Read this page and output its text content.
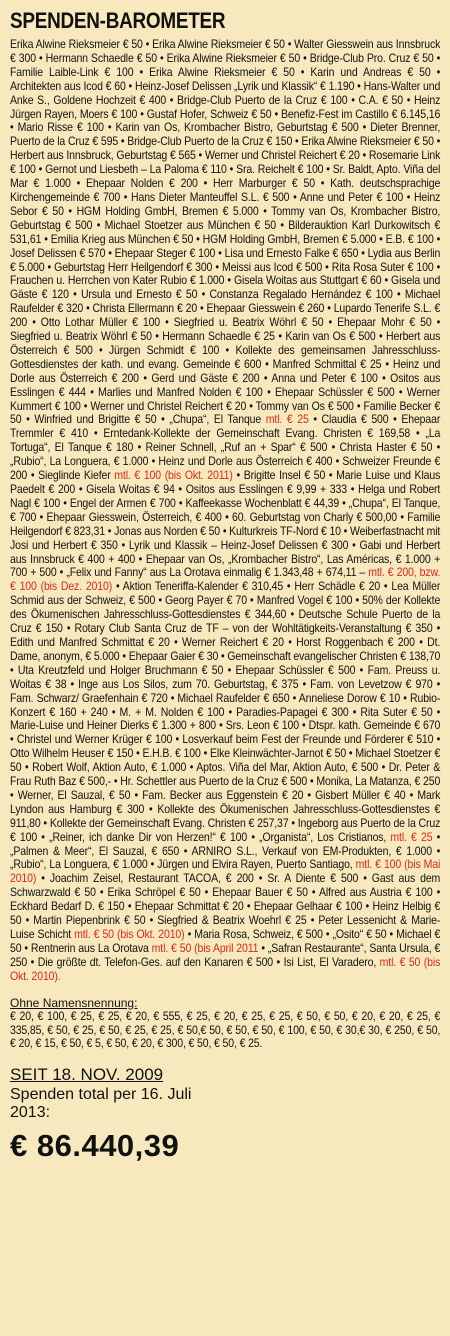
SPENDEN-BAROMETER
Erika Alwine Rieksmeier € 50 • Erika Alwine Rieksmeier € 50 • Walter Giesswein aus Innsbruck € 300 • Hermann Schaedle € 50 • Erika Alwine Rieksmeier € 50 • Bridge-Club Pro. Cruz € 50 • Familie Laible-Link € 100 • Erika Alwine Rieksmeier € 50 • Karin und Andreas € 50 • Architekten aus Icod € 60 • Heinz-Josef Delissen „Lyrik und Klassik“ € 1.190 • Hans-Walter und Anke S., Goldene Hochzeit € 400 • Bridge-Club Puerto de la Cruz € 100 • C.A. € 50 • Heinz Jürgen Rayen, Moers € 100 • Gustaf Hofer, Schweiz € 50 • Benefiz-Fest im Castillo € 6.145,16 • Mario Risse € 100 • Karin van Os, Krombacher Bistro, Geburtstag € 500 • Dieter Brenner, Puerto de la Cruz € 595 • Bridge-Club Puerto de la Cruz € 150 • Erika Alwine Rieksmeier € 50 • Herbert aus Innsbruck, Geburtstag € 565 • Werner und Christel Reichert € 20 • Rosemarie Link € 100 • Gernot und Liesbeth – La Paloma € 110 • Sra. Reichelt € 100 • Sr. Baldt, Apto. Viña del Mar € 1.000 • Ehepaar Nolden € 200 • Herr Marburger € 50 • Kath. deutschsprachige Kirchengemeinde € 700 • Hans Dieter Manteuffel S.L. € 500 • Anne und Peter € 100 • Heinz Sebor € 50 • HGM Holding GmbH, Bremen € 5.000 • Tommy van Os, Krombacher Bistro, Geburtstag € 500 • Michael Stoetzer aus München € 50 • Bilderauktion Karl Durkowitsch € 531,61 • Emilia Krieg aus München € 50 • HGM Holding GmbH, Bremen € 5.000 • E.B. € 100 • Josef Delissen € 570 • Ehepaar Steger € 100 • Lisa und Ernesto Falke € 650 • Lydia aus Berlin € 5.000 • Geburtstag Herr Heilgendorf € 300 • Meissi aus Icod € 500 • Rita Rosa Suter € 100 • Frauchen u. Herrchen von Kater Rubio € 1.000 • Gisela Woitas aus Stuttgart € 60 • Gisela und Gäste € 120 • Ursula und Ernesto € 50 • Constanza Regalado Hernández € 100 • Michael Raufelder € 320 • Christa Ellermann € 20 • Ehepaar Giesswein € 260 • Lupardo Tenerife S.L. € 200 • Otto Lothar Müller € 100 • Siegfried u. Beatrix Wöhrl € 50 • Ehepaar Mohr € 50 • Siegfried u. Beatrix Wöhrl € 50 • Hermann Schaedle € 25 • Karin van Os € 500 • Herbert aus Österreich € 500 • Jürgen Schmidt € 100 • Kollekte des gemeinsamen Jahresschluss-Gottesdienstes der kath. und evang. Gemeinde € 600 • Manfred Schmittal € 25 • Heinz und Dorle aus Österreich € 200 • Gerd und Gäste € 200 • Anna und Peter € 100 • Ositos aus Esslingen € 444 • Marlies und Manfred Nolden € 100 • Ehepaar Schüssler € 500 • Werner Kummert € 100 • Werner und Christel Reichert € 20 • Tommy van Os € 500 • Familie Becker € 50 • Winfried und Brigitte € 50 • „Chupa“, El Tanque mtl. € 25 • Claudia € 500 • Ehepaar Tremmler € 410 • Erntedank-Kollekte der Gemeinschaft Evang. Christen € 169,58 • „La Tortuga“, El Tanque € 180 • Reiner Schnell, „Ruf an + Spar“ € 500 • Christa Haster € 50 • „Rubio“, La Longuera, € 1.000 • Heinz und Dorle aus Österreich € 400 • Schweizer Freunde € 200 • Sieglinde Kiefer mtl. € 100 (bis Okt. 2011) • Brigitte Insel € 50 • Marie Luise und Klaus Paedelt € 200 • Gisela Woitas € 94 • Ositos aus Esslingen € 9,99 + 333 • Helga und Robert Nagl € 100 • Engel der Armen € 700 • Kaffeekasse Wochenblatt € 44,39 • „Chupa“, El Tanque, € 700 • Ehepaar Giesswein, Österreich, € 400 • 60. Geburtstag von Charly € 500,00 • Familie Heilgendorf € 823,31 • Jonas aus Norden € 50 • Kulturkreis TF-Nord € 10 • Weiberfastnacht mit Josi und Herbert € 350 • Lyrik und Klassik – Heinz-Josef Delissen € 300 • Gabi und Herbert aus Innsbruck € 400 + 400 • Ehepaar van Os, „Krombacher Bistro“, Las Américas, € 1.000 + 700 + 500 • „Felix und Fanny“ aus La Orotava einmalig € 1.343,48 + 674,11 – mtl. € 200, bzw. € 100 (bis Dez. 2010) • Aktion Teneriffa-Kalender € 310,45 • Herr Schädle € 20 • Lea Müller Schmid aus der Schweiz, € 500 • Georg Payer € 70 • Manfred Vogel € 100 • 50% der Kollekte des Ökumenischen Jahresschluss-Gottesdienstes € 344,60 • Deutsche Schule Puerto de la Cruz € 150 • Rotary Club Santa Cruz de TF – von der Wohltätigkeits-Veranstaltung € 350 • Edith und Manfred Schmittat € 20 • Werner Reichert € 20 • Horst Roggenbach € 200 • Dt. Dame, anonym, € 5.000 • Ehepaar Gaier € 30 • Gemeinschaft evangelischer Christen € 138,70 • Uta Kreutzfeld und Holger Bruchmann € 50 • Ehepaar Schüssler € 500 • Fam. Preuss u. Woitas € 38 • Inge aus Los Silos, zum 70. Geburtstag, € 375 • Fam. von Levetzow € 970 • Fam. Schwarz/ Graefenhain € 720 • Michael Raufelder € 650 • Anneliese Dorow € 10 • Rubio-Konzert € 160 + 240 • M. + M. Nolden € 100 • Paradies-Papagei € 300 • Rita Suter € 50 • Marie-Luise und Heiner Dierks € 1.300 + 800 • Srs. Leon € 100 • Dtspr. kath. Gemeinde € 670 • Christel und Werner Krüger € 100 • Losverkauf beim Fest der Freunde und Förderer € 510 • Otto Wilhelm Heuser € 150 • E.H.B. € 100 • Elke Kleinwächter-Jarnot € 50 • Michael Stoetzer € 50 • Robert Wolf, Aktion Auto, € 1.000 • Aptos. Viña del Mar, Aktion Auto, € 500 • Dr. Peter & Frau Ruth Baz € 500,- • Hr. Schettler aus Puerto de la Cruz € 500 • Monika, La Matanza, € 250 • Werner, El Sauzal, € 50 • Fam. Becker aus Eggenstein € 20 • Gisbert Müller € 40 • Mark Lyndon aus Hamburg € 300 • Kollekte des Ökumenischen Jahresschluss-Gottesdienstes € 911,80 • Kollekte der Gemeinschaft Evang. Christen € 257,37 • Ingeborg aus Puerto de la Cruz € 100 • „Reiner, ich danke Dir von Herzen!“ € 100 • „Organista“, Los Cristianos, mtl. € 25 • „Palmen & Meer“, El Sauzal, € 650 • ARNIRO S.L., Verkauf von EM-Produkten, € 1.000 • „Rubio“, La Longuera, € 1.000 • Jürgen und Elvira Rayen, Puerto Santiago, mtl. € 100 (bis Mai 2010) • Joachim Zeisel, Restaurant TACOA, € 200 • Sr. A Diente € 500 • Gast aus dem Schwarzwald € 50 • Erika Schröpel € 50 • Ehepaar Bauer € 50 • Alfred aus Austria € 100 • Eckhard Bedarf D. € 150 • Ehepaar Schmittat € 20 • Ehepaar Gelhaar € 100 • Heinz Helbig € 50 • Martin Piepenbrink € 50 • Siegfried & Beatrix Woehrl € 25 • Peter Lessenicht & Marie-Luise Schicht mtl. € 50 (bis Okt. 2010) • Maria Rosa, Schweiz, € 500 • „Osito“ € 50 • Michael € 50 • Rentnerin aus La Orotava mtl. € 50 (bis April 2011 • „Safran Restaurante“, Santa Ursula, € 250 • Die größte dt. Telefon-Ges. auf den Kanaren € 500 • Isi List, El Varadero, mtl. € 50 (bis Okt. 2010).
Ohne Namensnennung:
€ 20, € 100, € 25, € 25, € 20, € 555, € 25, € 20, € 25, € 25, € 50, € 50, € 20, € 20, € 25, € 335,85, € 50, € 25, € 50, € 25, € 25, € 50,€ 50, € 50, € 50, € 100, € 50, € 30,€ 30, € 250, € 50, € 20, € 15, € 50, € 5, € 50, € 20, € 300, € 50, € 50, € 25.
SEIT 18. NOV. 2009
Spenden total per 16. Juli 2013:
€ 86.440,39
